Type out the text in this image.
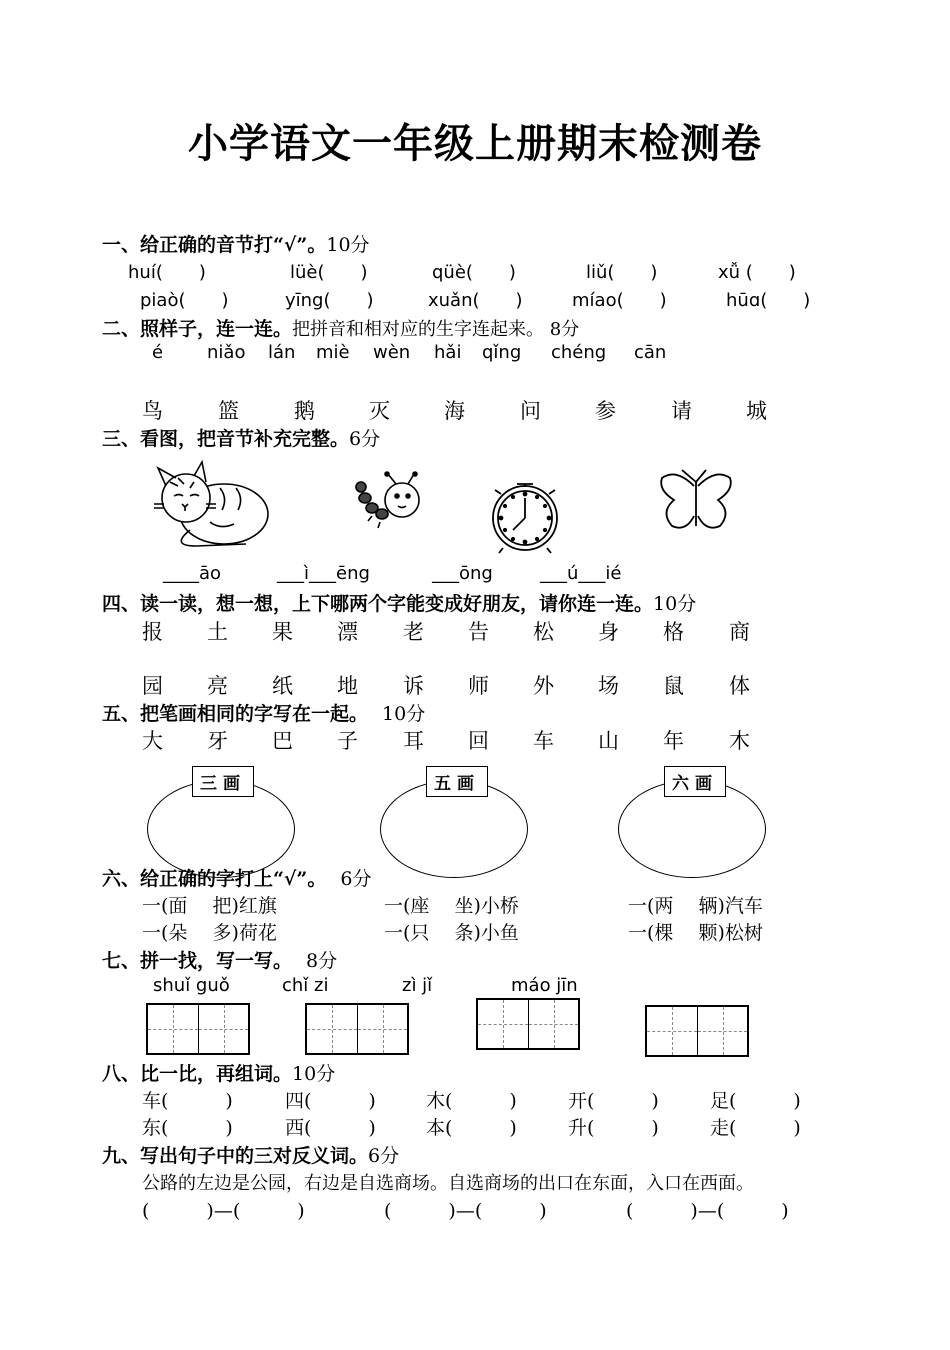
小学语文一年级上册期末检测卷
一、给正确的音节打“√”。10分
huí(　　)	lüè(　　)	qüè(　　)	liǔ(　　)	xǚ (　　)
piaò(　　)	yīng(　　)	xuǎn(　　)	míao(　　)	hūɑ(　　)
二、照样子，连一连。把拼音和相对应的生字连起来。 8分
é niǎo lán miè wèn hǎi qǐng chéng cān
鸟	篮	鹅	灭	海	问	参	请	城
三、看图，把音节补充完整。6分
____āo	___ì___ēng	___ōng	___ú___ié
四、读一读，想一想，上下哪两个字能变成好朋友，请你连一连。10分
报 土 果 漂 老 告 松 身 格 商
园 亮 纸 地 诉 师 外 场 鼠 体
五、把笔画相同的字写在一起。 10分
大 牙 巴 子 耳 回 车 山 年 木
三画	五画	六画
六、给正确的字打上“√”。 6分
一(面　 把)红旗	一(座　 坐)小桥	一(两　 辆)汽车
一(朵　 多)荷花	一(只　 条)小鱼	一(棵　 颗)松树
七、拼一找，写一写。 8分
shuǐ guǒ	chǐ zi	zì jǐ	máo jīn
八、比一比，再组词。10分
车(　　　)	四(　　　)	木(　　　)	开(　　　)	足(　　　)
东(　　　)	西(　　　)	本(　　　)	升(　　　)	走(　　　)
九、写出句子中的三对反义词。6分
公路的左边是公园，右边是自选商场。自选商场的出口在东面，入口在西面。
(　　　)—(　　　)	(　　　)—(　　　)	(　　　)—(　　　)
